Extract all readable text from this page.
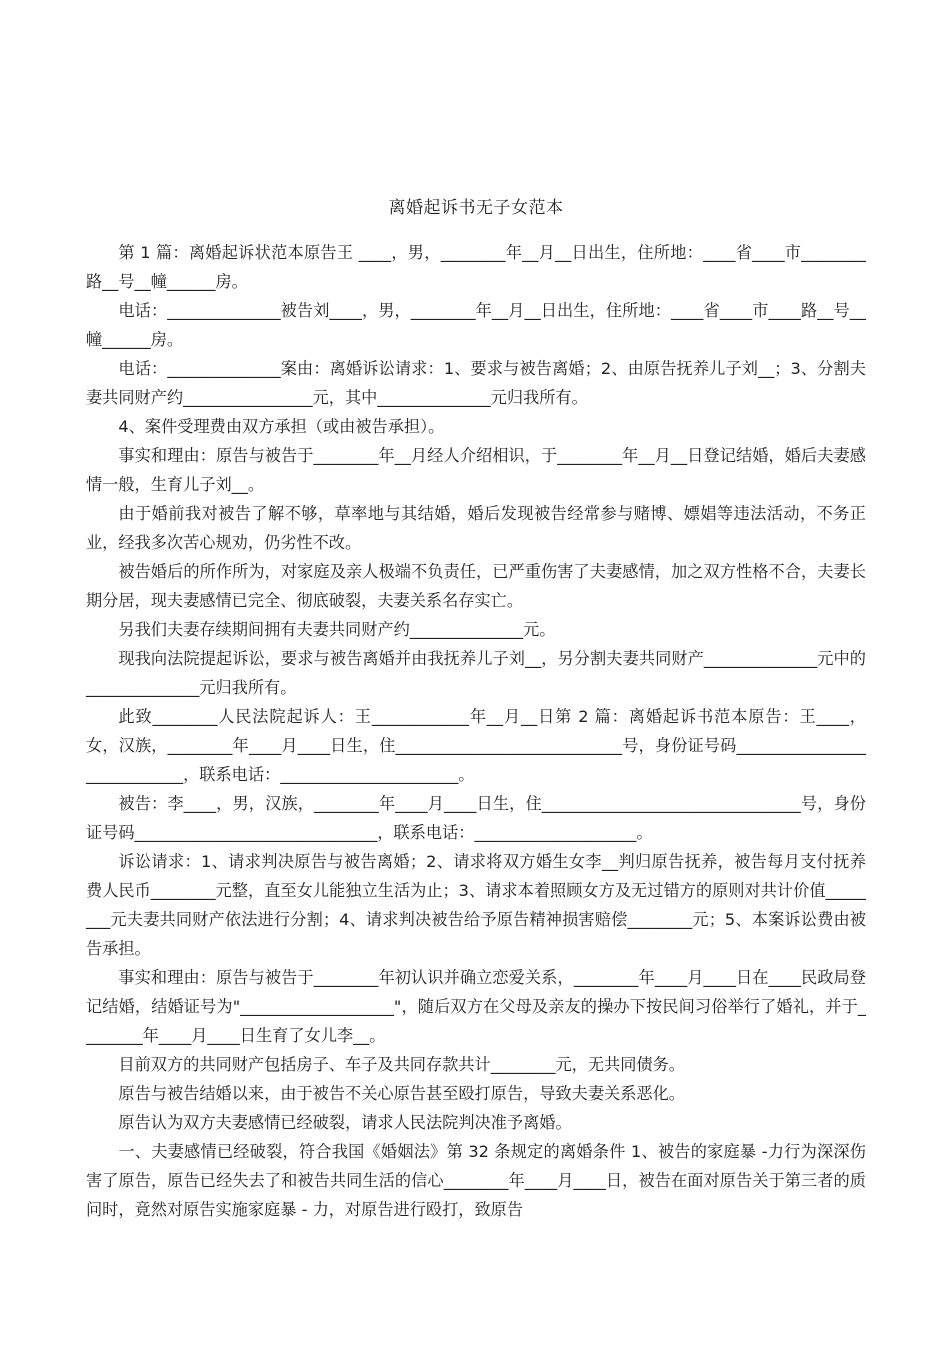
离婚起诉书无子女范本

第 1 篇：离婚起诉状范本原告王 ____，男，________年__月__日出生，住所地：____省____市________路__号__幢______房。

电话：______________被告刘____，男，________年__月__日出生，住所地：____省____市____路__号__幢______房。

电话：______________案由：离婚诉讼请求：1、要求与被告离婚；2、由原告抚养儿子刘__；3、分割夫妻共同财产约________________元，其中______________元归我所有。

4、案件受理费由双方承担（或由被告承担）。

事实和理由：原告与被告于________年__月经人介绍相识，于________年__月__日登记结婚，婚后夫妻感情一般，生育儿子刘__。

由于婚前我对被告了解不够，草率地与其结婚，婚后发现被告经常参与赌博、嫖娼等违法活动，不务正业，经我多次苦心规劝，仍劣性不改。

被告婚后的所作所为，对家庭及亲人极端不负责任，已严重伤害了夫妻感情，加之双方性格不合，夫妻长期分居，现夫妻感情已完全、彻底破裂，夫妻关系名存实亡。

另我们夫妻存续期间拥有夫妻共同财产约______________元。

现我向法院提起诉讼，要求与被告离婚并由我抚养儿子刘__，另分割夫妻共同财产______________元中的______________元归我所有。

此致________人民法院起诉人：王____________年__月__日第 2 篇：离婚起诉书范本原告：王____，女，汉族，________年____月____日生，住____________________________号，身份证号码____________________________，联系电话：______________________。

被告：李____，男，汉族，________年____月____日生，住________________________________号，身份证号码______________________________，联系电话：____________________。

诉讼请求：1、请求判决原告与被告离婚；2、请求将双方婚生女李__判归原告抚养，被告每月支付抚养费人民币________元整，直至女儿能独立生活为止；3、请求本着照顾女方及无过错方的原则对共计价值________元夫妻共同财产依法进行分割；4、请求判决被告给予原告精神损害赔偿________元；5、本案诉讼费由被告承担。

事实和理由：原告与被告于________年初认识并确立恋爱关系，________年____月____日在____民政局登记结婚，结婚证号为"___________________"，随后双方在父母及亲友的操办下按民间习俗举行了婚礼，并于________年____月____日生育了女儿李__。

目前双方的共同财产包括房子、车子及共同存款共计________元，无共同债务。

原告与被告结婚以来，由于被告不关心原告甚至殴打原告，导致夫妻关系恶化。

原告认为双方夫妻感情已经破裂，请求人民法院判决准予离婚。

一、夫妻感情已经破裂，符合我国《婚姻法》第 32 条规定的离婚条件 1、被告的家庭暴 -力行为深深伤害了原告，原告已经失去了和被告共同生活的信心________年____月____日，被告在面对原告关于第三者的质问时，竟然对原告实施家庭暴 - 力，对原告进行殴打，致原告
